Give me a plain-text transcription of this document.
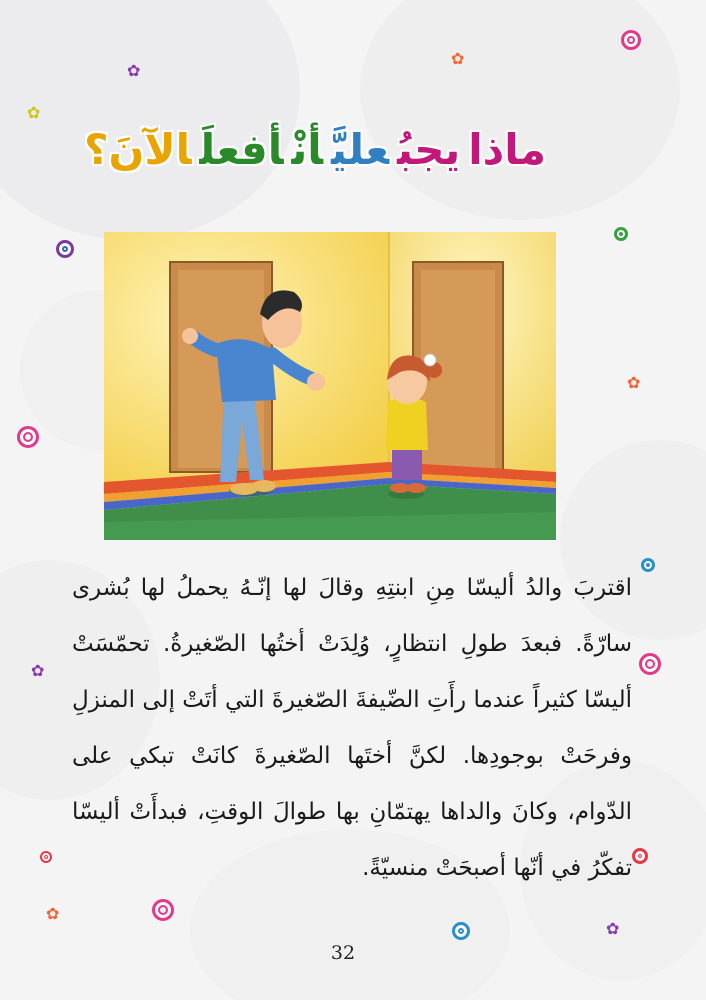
✿
✿
✿
✿
✿
✿
✿
ماذايجبُعليَّأنْأفعلَالآنَ؟

اقتربَ والدُ أليسّا مِنِ ابنتِهِ وقالَ لها إنّـهُ يحملُ لها بُشرى سارّةً. فبعدَ طولِ انتظارٍ، وُلِدَتْ أختُها الصّغيرةُ. تحمّسَتْ أليسّا كثيراً عندما رأَتِ الضّيفةَ الصّغيرةَ التي أتَتْ إلى المنزلِ وفرحَتْ بوجودِها. لكنَّ أختَها الصّغيرةَ كانَتْ تبكي على الدّوام، وكانَ والداها يهتمّانِ بها طوالَ الوقتِ، فبدأَتْ أليسّا تفكّرُ في أنّها أصبحَتْ منسيّةً.

32
